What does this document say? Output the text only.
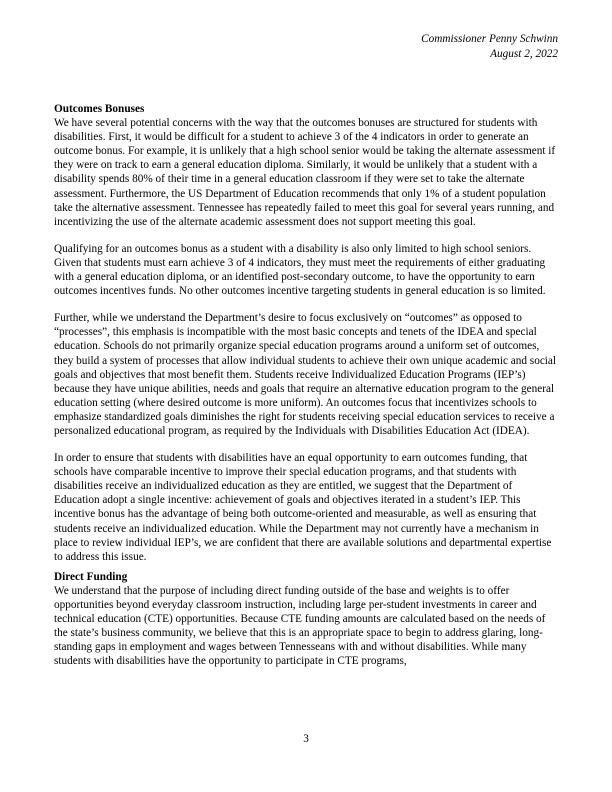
Commissioner Penny Schwinn
August 2, 2022
Outcomes Bonuses

We have several potential concerns with the way that the outcomes bonuses are structured for students with disabilities. First, it would be difficult for a student to achieve 3 of the 4 indicators in order to generate an outcome bonus. For example, it is unlikely that a high school senior would be taking the alternate assessment if they were on track to earn a general education diploma. Similarly, it would be unlikely that a student with a disability spends 80% of their time in a general education classroom if they were set to take the alternate assessment. Furthermore, the US Department of Education recommends that only 1% of a student population take the alternative assessment. Tennessee has repeatedly failed to meet this goal for several years running, and incentivizing the use of the alternate academic assessment does not support meeting this goal.

Qualifying for an outcomes bonus as a student with a disability is also only limited to high school seniors. Given that students must earn achieve 3 of 4 indicators, they must meet the requirements of either graduating with a general education diploma, or an identified post-secondary outcome, to have the opportunity to earn outcomes incentives funds. No other outcomes incentive targeting students in general education is so limited.

Further, while we understand the Department’s desire to focus exclusively on “outcomes” as opposed to “processes”, this emphasis is incompatible with the most basic concepts and tenets of the IDEA and special education. Schools do not primarily organize special education programs around a uniform set of outcomes, they build a system of processes that allow individual students to achieve their own unique academic and social goals and objectives that most benefit them. Students receive Individualized Education Programs (IEP’s) because they have unique abilities, needs and goals that require an alternative education program to the general education setting (where desired outcome is more uniform). An outcomes focus that incentivizes schools to emphasize standardized goals diminishes the right for students receiving special education services to receive a personalized educational program, as required by the Individuals with Disabilities Education Act (IDEA).

In order to ensure that students with disabilities have an equal opportunity to earn outcomes funding, that schools have comparable incentive to improve their special education programs, and that students with disabilities receive an individualized education as they are entitled, we suggest that the Department of Education adopt a single incentive: achievement of goals and objectives iterated in a student’s IEP. This incentive bonus has the advantage of being both outcome-oriented and measurable, as well as ensuring that students receive an individualized education. While the Department may not currently have a mechanism in place to review individual IEP’s, we are confident that there are available solutions and departmental expertise to address this issue.

Direct Funding

We understand that the purpose of including direct funding outside of the base and weights is to offer opportunities beyond everyday classroom instruction, including large per-student investments in career and technical education (CTE) opportunities. Because CTE funding amounts are calculated based on the needs of the state’s business community, we believe that this is an appropriate space to begin to address glaring, long-standing gaps in employment and wages between Tennesseans with and without disabilities. While many students with disabilities have the opportunity to participate in CTE programs,

3
